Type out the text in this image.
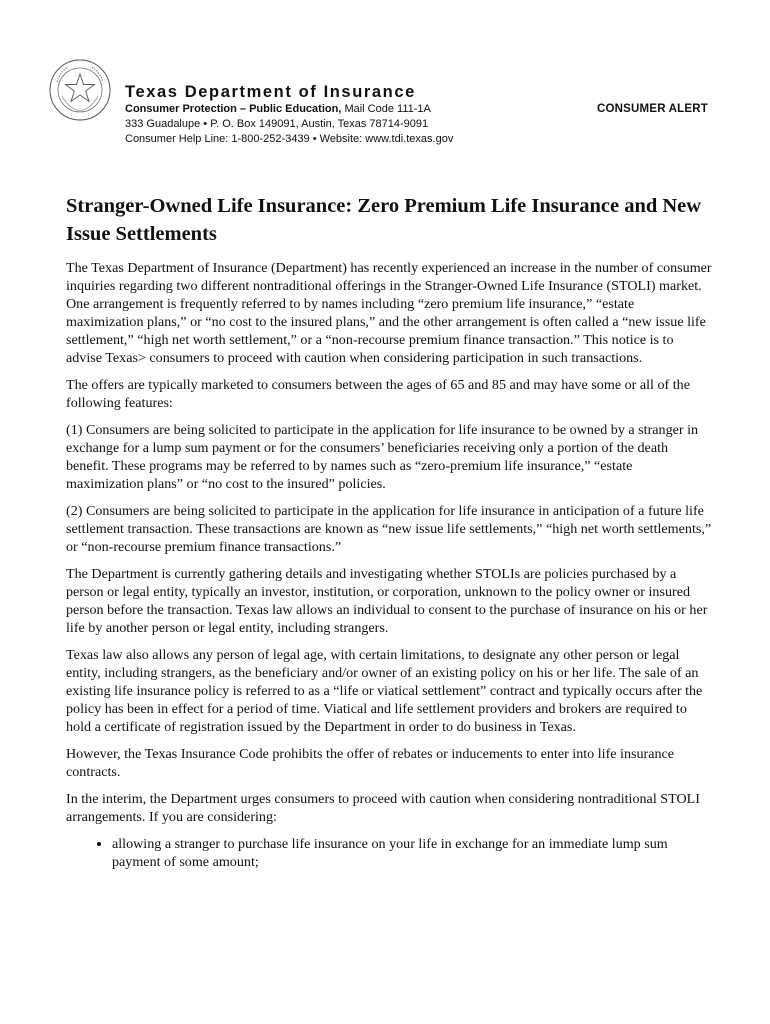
Texas Department of Insurance
Consumer Protection – Public Education, Mail Code 111-1A
333 Guadalupe • P. O. Box 149091, Austin, Texas 78714-9091
Consumer Help Line: 1-800-252-3439 • Website: www.tdi.texas.gov
CONSUMER ALERT
Stranger-Owned Life Insurance: Zero Premium Life Insurance and New Issue Settlements

The Texas Department of Insurance (Department) has recently experienced an increase in the number of consumer inquiries regarding two different nontraditional offerings in the Stranger-Owned Life Insurance (STOLI) market. One arrangement is frequently referred to by names including “zero premium life insurance,” “estate maximization plans,” or “no cost to the insured plans,” and the other arrangement is often called a “new issue life settlement,” “high net worth settlement,” or a “non-recourse premium finance transaction.” This notice is to advise Texas> consumers to proceed with caution when considering participation in such transactions.

The offers are typically marketed to consumers between the ages of 65 and 85 and may have some or all of the following features:

(1) Consumers are being solicited to participate in the application for life insurance to be owned by a stranger in exchange for a lump sum payment or for the consumers’ beneficiaries receiving only a portion of the death benefit. These programs may be referred to by names such as “zero-premium life insurance,” “estate maximization plans” or “no cost to the insured” policies.

(2) Consumers are being solicited to participate in the application for life insurance in anticipation of a future life settlement transaction. These transactions are known as “new issue life settlements,” “high net worth settlements,” or “non-recourse premium finance transactions.”

The Department is currently gathering details and investigating whether STOLIs are policies purchased by a person or legal entity, typically an investor, institution, or corporation, unknown to the policy owner or insured person before the transaction. Texas law allows an individual to consent to the purchase of insurance on his or her life by another person or legal entity, including strangers.

Texas law also allows any person of legal age, with certain limitations, to designate any other person or legal entity, including strangers, as the beneficiary and/or owner of an existing policy on his or her life. The sale of an existing life insurance policy is referred to as a “life or viatical settlement” contract and typically occurs after the policy has been in effect for a period of time. Viatical and life settlement providers and brokers are required to hold a certificate of registration issued by the Department in order to do business in Texas.

However, the Texas Insurance Code prohibits the offer of rebates or inducements to enter into life insurance contracts.

In the interim, the Department urges consumers to proceed with caution when considering nontraditional STOLI arrangements. If you are considering:

• allowing a stranger to purchase life insurance on your life in exchange for an immediate lump sum payment of some amount;
